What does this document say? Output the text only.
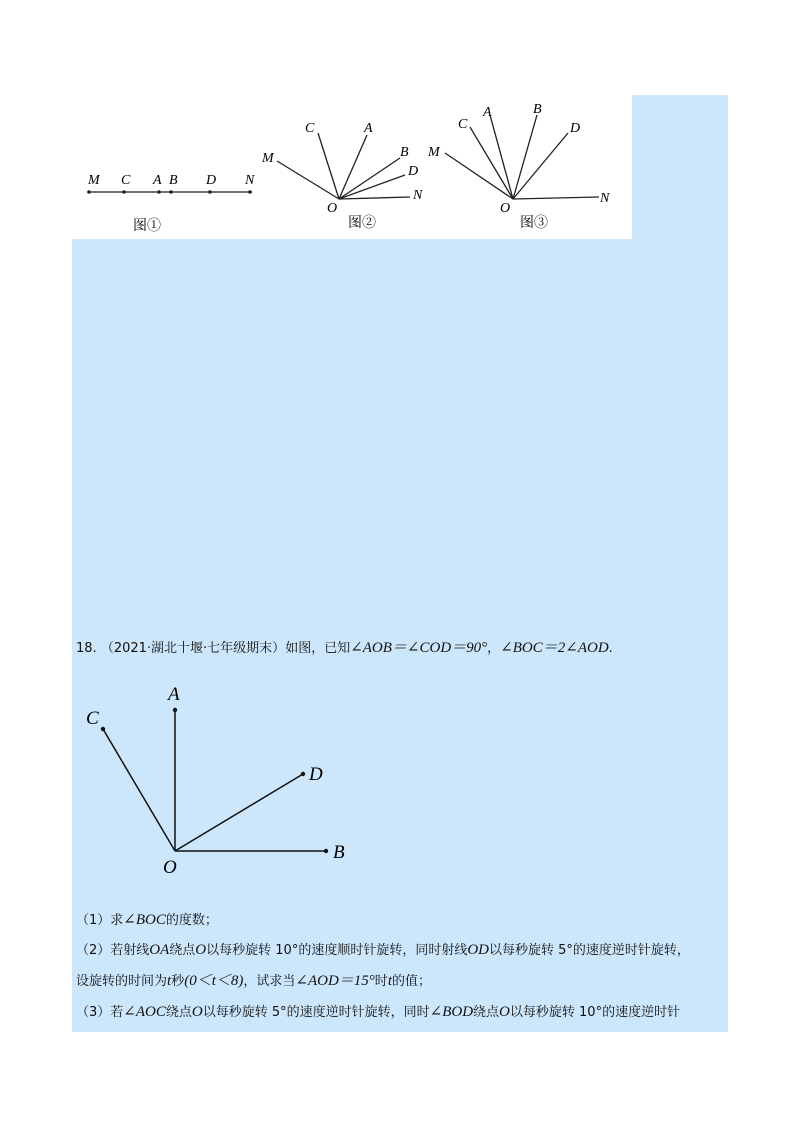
M C A B D N
图①
M
C	A
B
D
N
O
图②
M
C
A	B
D
N
O
图③
18. （2021·湖北十堰·七年级期末）如图，已知∠AOB＝∠COD＝90°，∠BOC＝2∠AOD.
A
C
D
B
O
（1）求∠BOC的度数；
（2）若射线OA绕点O以每秒旋转 10°的速度顺时针旋转，同时射线OD以每秒旋转 5°的速度逆时针旋转，
设旋转的时间为t秒(0＜t＜8)，试求当∠AOD＝15°时t的值；
（3）若∠AOC绕点O以每秒旋转 5°的速度逆时针旋转，同时∠BOD绕点O以每秒旋转 10°的速度逆时针
